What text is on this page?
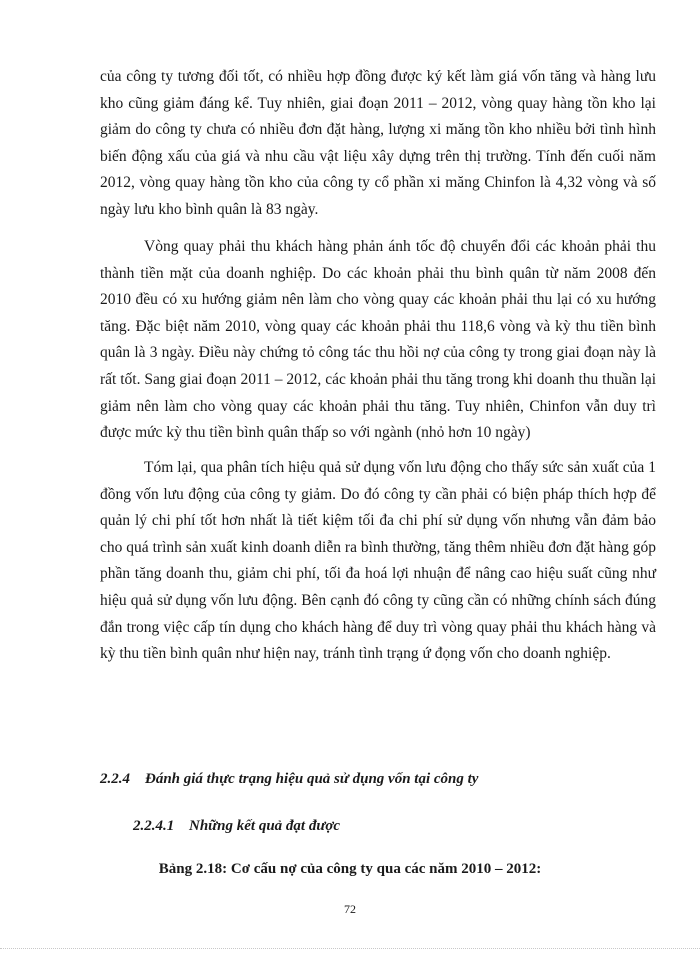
của công ty tương đối tốt, có nhiều hợp đồng được ký kết làm giá vốn tăng và hàng lưu kho cũng giảm đáng kể. Tuy nhiên, giai đoạn 2011 – 2012, vòng quay hàng tồn kho lại giảm do công ty chưa có nhiều đơn đặt hàng, lượng xi măng tồn kho nhiều bởi tình hình biến động xấu của giá và nhu cầu vật liệu xây dựng trên thị trường. Tính đến cuối năm 2012, vòng quay hàng tồn kho của công ty cổ phần xi măng Chinfon là 4,32 vòng và số ngày lưu kho bình quân là 83 ngày.

Vòng quay phải thu khách hàng phản ánh tốc độ chuyển đổi các khoản phải thu thành tiền mặt của doanh nghiệp. Do các khoản phải thu bình quân từ năm 2008 đến 2010 đều có xu hướng giảm nên làm cho vòng quay các khoản phải thu lại có xu hướng tăng. Đặc biệt năm 2010, vòng quay các khoản phải thu 118,6 vòng và kỳ thu tiền bình quân là 3 ngày. Điều này chứng tỏ công tác thu hồi nợ của công ty trong giai đoạn này là rất tốt. Sang giai đoạn 2011 – 2012, các khoản phải thu tăng trong khi doanh thu thuần lại giảm nên làm cho vòng quay các khoản phải thu tăng. Tuy nhiên, Chinfon vẫn duy trì được mức kỳ thu tiền bình quân thấp so với ngành (nhỏ hơn 10 ngày)

Tóm lại, qua phân tích hiệu quả sử dụng vốn lưu động cho thấy sức sản xuất của 1 đồng vốn lưu động của công ty giảm. Do đó công ty cần phải có biện pháp thích hợp để quản lý chi phí tốt hơn nhất là tiết kiệm tối đa chi phí sử dụng vốn nhưng vẫn đảm bảo cho quá trình sản xuất kinh doanh diễn ra bình thường, tăng thêm nhiều đơn đặt hàng góp phần tăng doanh thu, giảm chi phí, tối đa hoá lợi nhuận để nâng cao hiệu suất cũng như hiệu quả sử dụng vốn lưu động. Bên cạnh đó công ty cũng cần có những chính sách đúng đắn trong việc cấp tín dụng cho khách hàng để duy trì vòng quay phải thu khách hàng và kỳ thu tiền bình quân như hiện nay, tránh tình trạng ứ đọng vốn cho doanh nghiệp.

2.2.4 Đánh giá thực trạng hiệu quả sử dụng vốn tại công ty

2.2.4.1 Những kết quả đạt được

Bảng 2.18: Cơ cấu nợ của công ty qua các năm 2010 – 2012:

72
